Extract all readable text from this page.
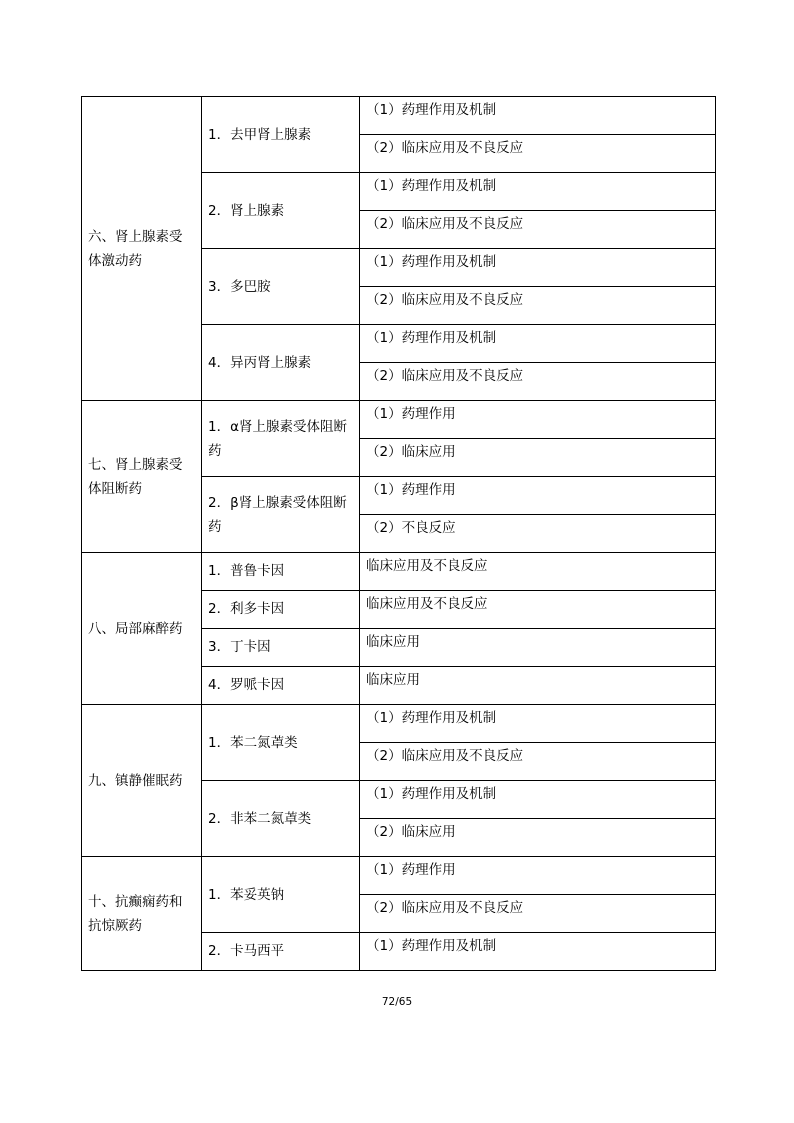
六、肾上腺素受体激动药	1．去甲肾上腺素	（1）药理作用及机制
		（2）临床应用及不良反应
	2．肾上腺素	（1）药理作用及机制
		（2）临床应用及不良反应
	3．多巴胺	（1）药理作用及机制
		（2）临床应用及不良反应
	4．异丙肾上腺素	（1）药理作用及机制
		（2）临床应用及不良反应
七、肾上腺素受体阻断药	1．α肾上腺素受体阻断药	（1）药理作用
		（2）临床应用
	2．β肾上腺素受体阻断药	（1）药理作用
		（2）不良反应
八、局部麻醉药	1．普鲁卡因	临床应用及不良反应
	2．利多卡因	临床应用及不良反应
	3．丁卡因	临床应用
	4．罗哌卡因	临床应用
九、镇静催眠药	1．苯二氮䓬类	（1）药理作用及机制
		（2）临床应用及不良反应
	2．非苯二氮䓬类	（1）药理作用及机制
		（2）临床应用
十、抗癫痫药和抗惊厥药	1．苯妥英钠	（1）药理作用
		（2）临床应用及不良反应
	2．卡马西平	（1）药理作用及机制
72/65
